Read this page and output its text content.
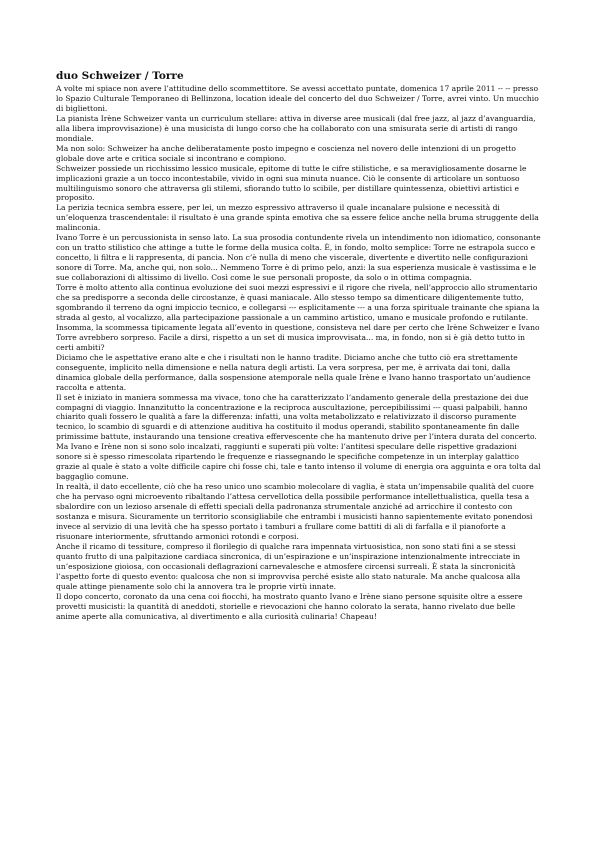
duo Schweizer / Torre

A volte mi spiace non avere l’attitudine dello scommettitore. Se avessi accettato puntate, domenica 17 aprile 2011 -- -- presso lo Spazio Culturale Temporaneo di Bellinzona, location ideale del concerto del duo Schweizer / Torre, avrei vinto. Un mucchio di bigliettoni.

La pianista Irène Schweizer vanta un curriculum stellare: attiva in diverse aree musicali (dal free jazz, al jazz d’avanguardia, alla libera improvvisazione) è una musicista di lungo corso che ha collaborato con una smisurata serie di artisti di rango mondiale.

Ma non solo: Schweizer ha anche deliberatamente posto impegno e coscienza nel novero delle intenzioni di un progetto globale dove arte e critica sociale si incontrano e compiono.

Schweizer possiede un ricchissimo lessico musicale, epitome di tutte le cifre stilistiche, e sa meravigliosamente dosarne le implicazioni grazie a un tocco incontestabile, vivido in ogni sua minuta nuance. Ciò le consente di articolare un sontuoso multilinguismo sonoro che attraversa gli stilemi, sfiorando tutto lo scibile, per distillare quintessenza, obiettivi artistici e proposito.

La perizia tecnica sembra essere, per lei, un mezzo espressivo attraverso il quale incanalare pulsione e necessità di un’eloquenza trascendentale: il risultato è una grande spinta emotiva che sa essere felice anche nella bruma struggente della malinconia.

Ivano Torre è un percussionista in senso lato. La sua prosodia contundente rivela un intendimento non idiomatico, consonante con un tratto stilistico che attinge a tutte le forme della musica colta. È, in fondo, molto semplice: Torre ne estrapola succo e concetto, li filtra e li rappresenta, di pancia. Non c’è nulla di meno che viscerale, divertente e divertito nelle configurazioni sonore di Torre. Ma, anche qui, non solo... Nemmeno Torre è di primo pelo, anzi: la sua esperienza musicale è vastissima e le sue collaborazioni di altissimo di livello. Così come le sue personali proposte, da solo o in ottima compagnia.

Torre è molto attento alla continua evoluzione dei suoi mezzi espressivi e il rigore che rivela, nell’approccio allo strumentario che sa predisporre a seconda delle circostanze, è quasi maniacale. Allo stesso tempo sa dimenticare diligentemente tutto, sgombrando il terreno da ogni impiccio tecnico, e collegarsi --- esplicitamente --- a una forza spirituale trainante che spiana la strada al gesto, al vocalizzo, alla partecipazione passionale a un cammino artistico, umano e musicale profondo e rutilante.

Insomma, la scommessa tipicamente legata all’evento in questione, consisteva nel dare per certo che Irène Schweizer e Ivano Torre avrebbero sorpreso. Facile a dirsi, rispetto a un set di musica improvvisata... ma, in fondo, non si è già detto tutto in certi ambiti?

Diciamo che le aspettative erano alte e che i risultati non le hanno tradite. Diciamo anche che tutto ciò era strettamente conseguente, implicito nella dimensione e nella natura degli artisti. La vera sorpresa, per me, è arrivata dai toni, dalla dinamica globale della performance, dalla sospensione atemporale nella quale Irène e Ivano hanno trasportato un’audience raccolta e attenta.

Il set è iniziato in maniera sommessa ma vivace, tono che ha caratterizzato l’andamento generale della prestazione dei due compagni di viaggio. Innanzitutto la concentrazione e la reciproca auscultazione, percepibilissimi --- quasi palpabili, hanno chiarito quali fossero le qualità a fare la differenza: infatti, una volta metabolizzato e relativizzato il discorso puramente tecnico, lo scambio di sguardi e di attenzione auditiva ha costituito il modus operandi, stabilito spontaneamente fin dalle primissime battute, instaurando una tensione creativa effervescente che ha mantenuto drive per l’intera durata del concerto.

Ma Ivano e Irène non si sono solo incalzati, raggiunti e superati più volte: l’antitesi speculare delle rispettive gradazioni sonore si è spesso rimescolata ripartendo le frequenze e riassegnando le specifiche competenze in un interplay galattico grazie al quale è stato a volte difficile capire chi fosse chi, tale e tanto intenso il volume di energia ora agguinta e ora tolta dal baggaglio comune.

In realtà, il dato eccellente, ciò che ha reso unico uno scambio molecolare di vaglia, è stata un’impensabile qualità del cuore che ha pervaso ogni microevento ribaltando l’attesa cervellotica della possibile performance intellettualistica, quella tesa a sbalordire con un lezioso arsenale di effetti speciali della padronanza strumentale anziché ad arricchire il contesto con sostanza e misura. Sicuramente un territorio sconsigliabile che entrambi i musicisti hanno sapientemente evitato ponendosi invece al servizio di una levità che ha spesso portato i tamburi a frullare come battiti di ali di farfalla e il pianoforte a risuonare interiormente, sfruttando armonici rotondi e corposi.

Anche il ricamo di tessiture, compreso il florilegio di qualche rara impennata virtuosistica, non sono stati fini a se stessi quanto frutto di una palpitazione cardiaca sincronica, di un’espirazione e un’inspirazione intenzionalmente intrecciate in un’esposizione gioiosa, con occasionali deflagrazioni carnevalesche e atmosfere circensi surreali. È stata la sincronicità l’aspetto forte di questo evento: qualcosa che non si improvvisa perché esiste allo stato naturale. Ma anche qualcosa alla quale attinge pienamente solo chi la annovera tra le proprie virtù innate.

Il dopo concerto, coronato da una cena coi fiocchi, ha mostrato quanto Ivano e Irène siano persone squisite oltre a essere provetti musicisti: la quantità di aneddoti, storielle e rievocazioni che hanno colorato la serata, hanno rivelato due belle anime aperte alla comunicativa, al divertimento e alla curiosità culinaria! Chapeau!
